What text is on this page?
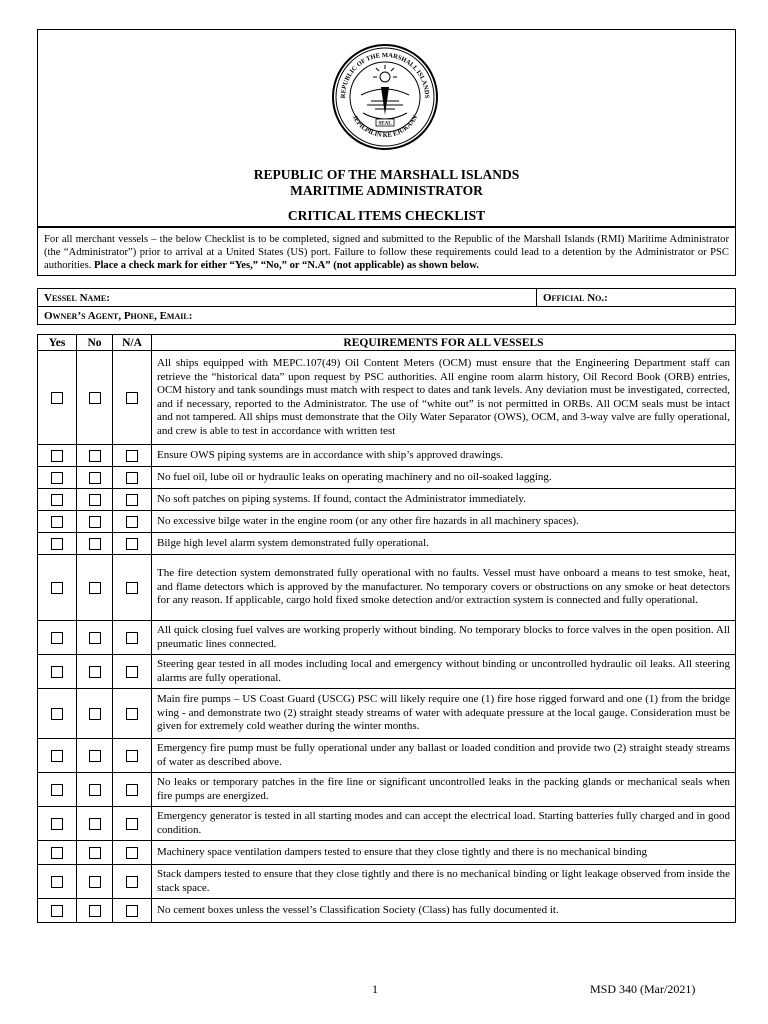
REPUBLIC OF THE MARSHALL ISLANDS
JEPILPILIN KE EJUKAAN
SEAL
REPUBLIC OF THE MARSHALL ISLANDS
MARITIME ADMINISTRATOR
CRITICAL ITEMS CHECKLIST
For all merchant vessels – the below Checklist is to be completed, signed and submitted to the Republic of the Marshall Islands (RMI) Maritime Administrator (the “Administrator”) prior to arrival at a United States (US) port. Failure to follow these requirements could lead to a detention by the Administrator or PSC authorities. Place a check mark for either “Yes,” “No,” or “N.A” (not applicable) as shown below.
Vessel Name:	Official No.:
Owner’s Agent, Phone, Email:
Yes	No	N/A	REQUIREMENTS FOR ALL VESSELS

			All ships equipped with MEPC.107(49) Oil Content Meters (OCM) must ensure that the Engineering Department staff can retrieve the “historical data” upon request by PSC authorities. All engine room alarm history, Oil Record Book (ORB) entries, OCM history and tank soundings must match with respect to dates and tank levels. Any deviation must be investigated, corrected, and if necessary, reported to the Administrator. The use of “white out” is not permitted in ORBs. All OCM seals must be intact and not tampered. All ships must demonstrate that the Oily Water Separator (OWS), OCM, and 3-way valve are fully operational, and crew is able to test in accordance with written test

			Ensure OWS piping systems are in accordance with ship’s approved drawings.

			No fuel oil, lube oil or hydraulic leaks on operating machinery and no oil-soaked lagging.

			No soft patches on piping systems. If found, contact the Administrator immediately.

			No excessive bilge water in the engine room (or any other fire hazards in all machinery spaces).

			Bilge high level alarm system demonstrated fully operational.

			The fire detection system demonstrated fully operational with no faults. Vessel must have onboard a means to test smoke, heat, and flame detectors which is approved by the manufacturer. No temporary covers or obstructions on any smoke or heat detectors for any reason. If applicable, cargo hold fixed smoke detection and/or extraction system is connected and fully operational.

			All quick closing fuel valves are working properly without binding. No temporary blocks to force valves in the open position. All pneumatic lines connected.

			Steering gear tested in all modes including local and emergency without binding or uncontrolled hydraulic oil leaks. All steering alarms are fully operational.

			Main fire pumps – US Coast Guard (USCG) PSC will likely require one (1) fire hose rigged forward and one (1) from the bridge wing - and demonstrate two (2) straight steady streams of water with adequate pressure at the local gauge. Consideration must be given for extremely cold weather during the winter months.

			Emergency fire pump must be fully operational under any ballast or loaded condition and provide two (2) straight steady streams of water as described above.

			No leaks or temporary patches in the fire line or significant uncontrolled leaks in the packing glands or mechanical seals when fire pumps are energized.

			Emergency generator is tested in all starting modes and can accept the electrical load. Starting batteries fully charged and in good condition.

			Machinery space ventilation dampers tested to ensure that they close tightly and there is no mechanical binding

			Stack dampers tested to ensure that they close tightly and there is no mechanical binding or light leakage observed from inside the stack space.

			No cement boxes unless the vessel’s Classification Society (Class) has fully documented it.
1	MSD 340 (Mar/2021)
